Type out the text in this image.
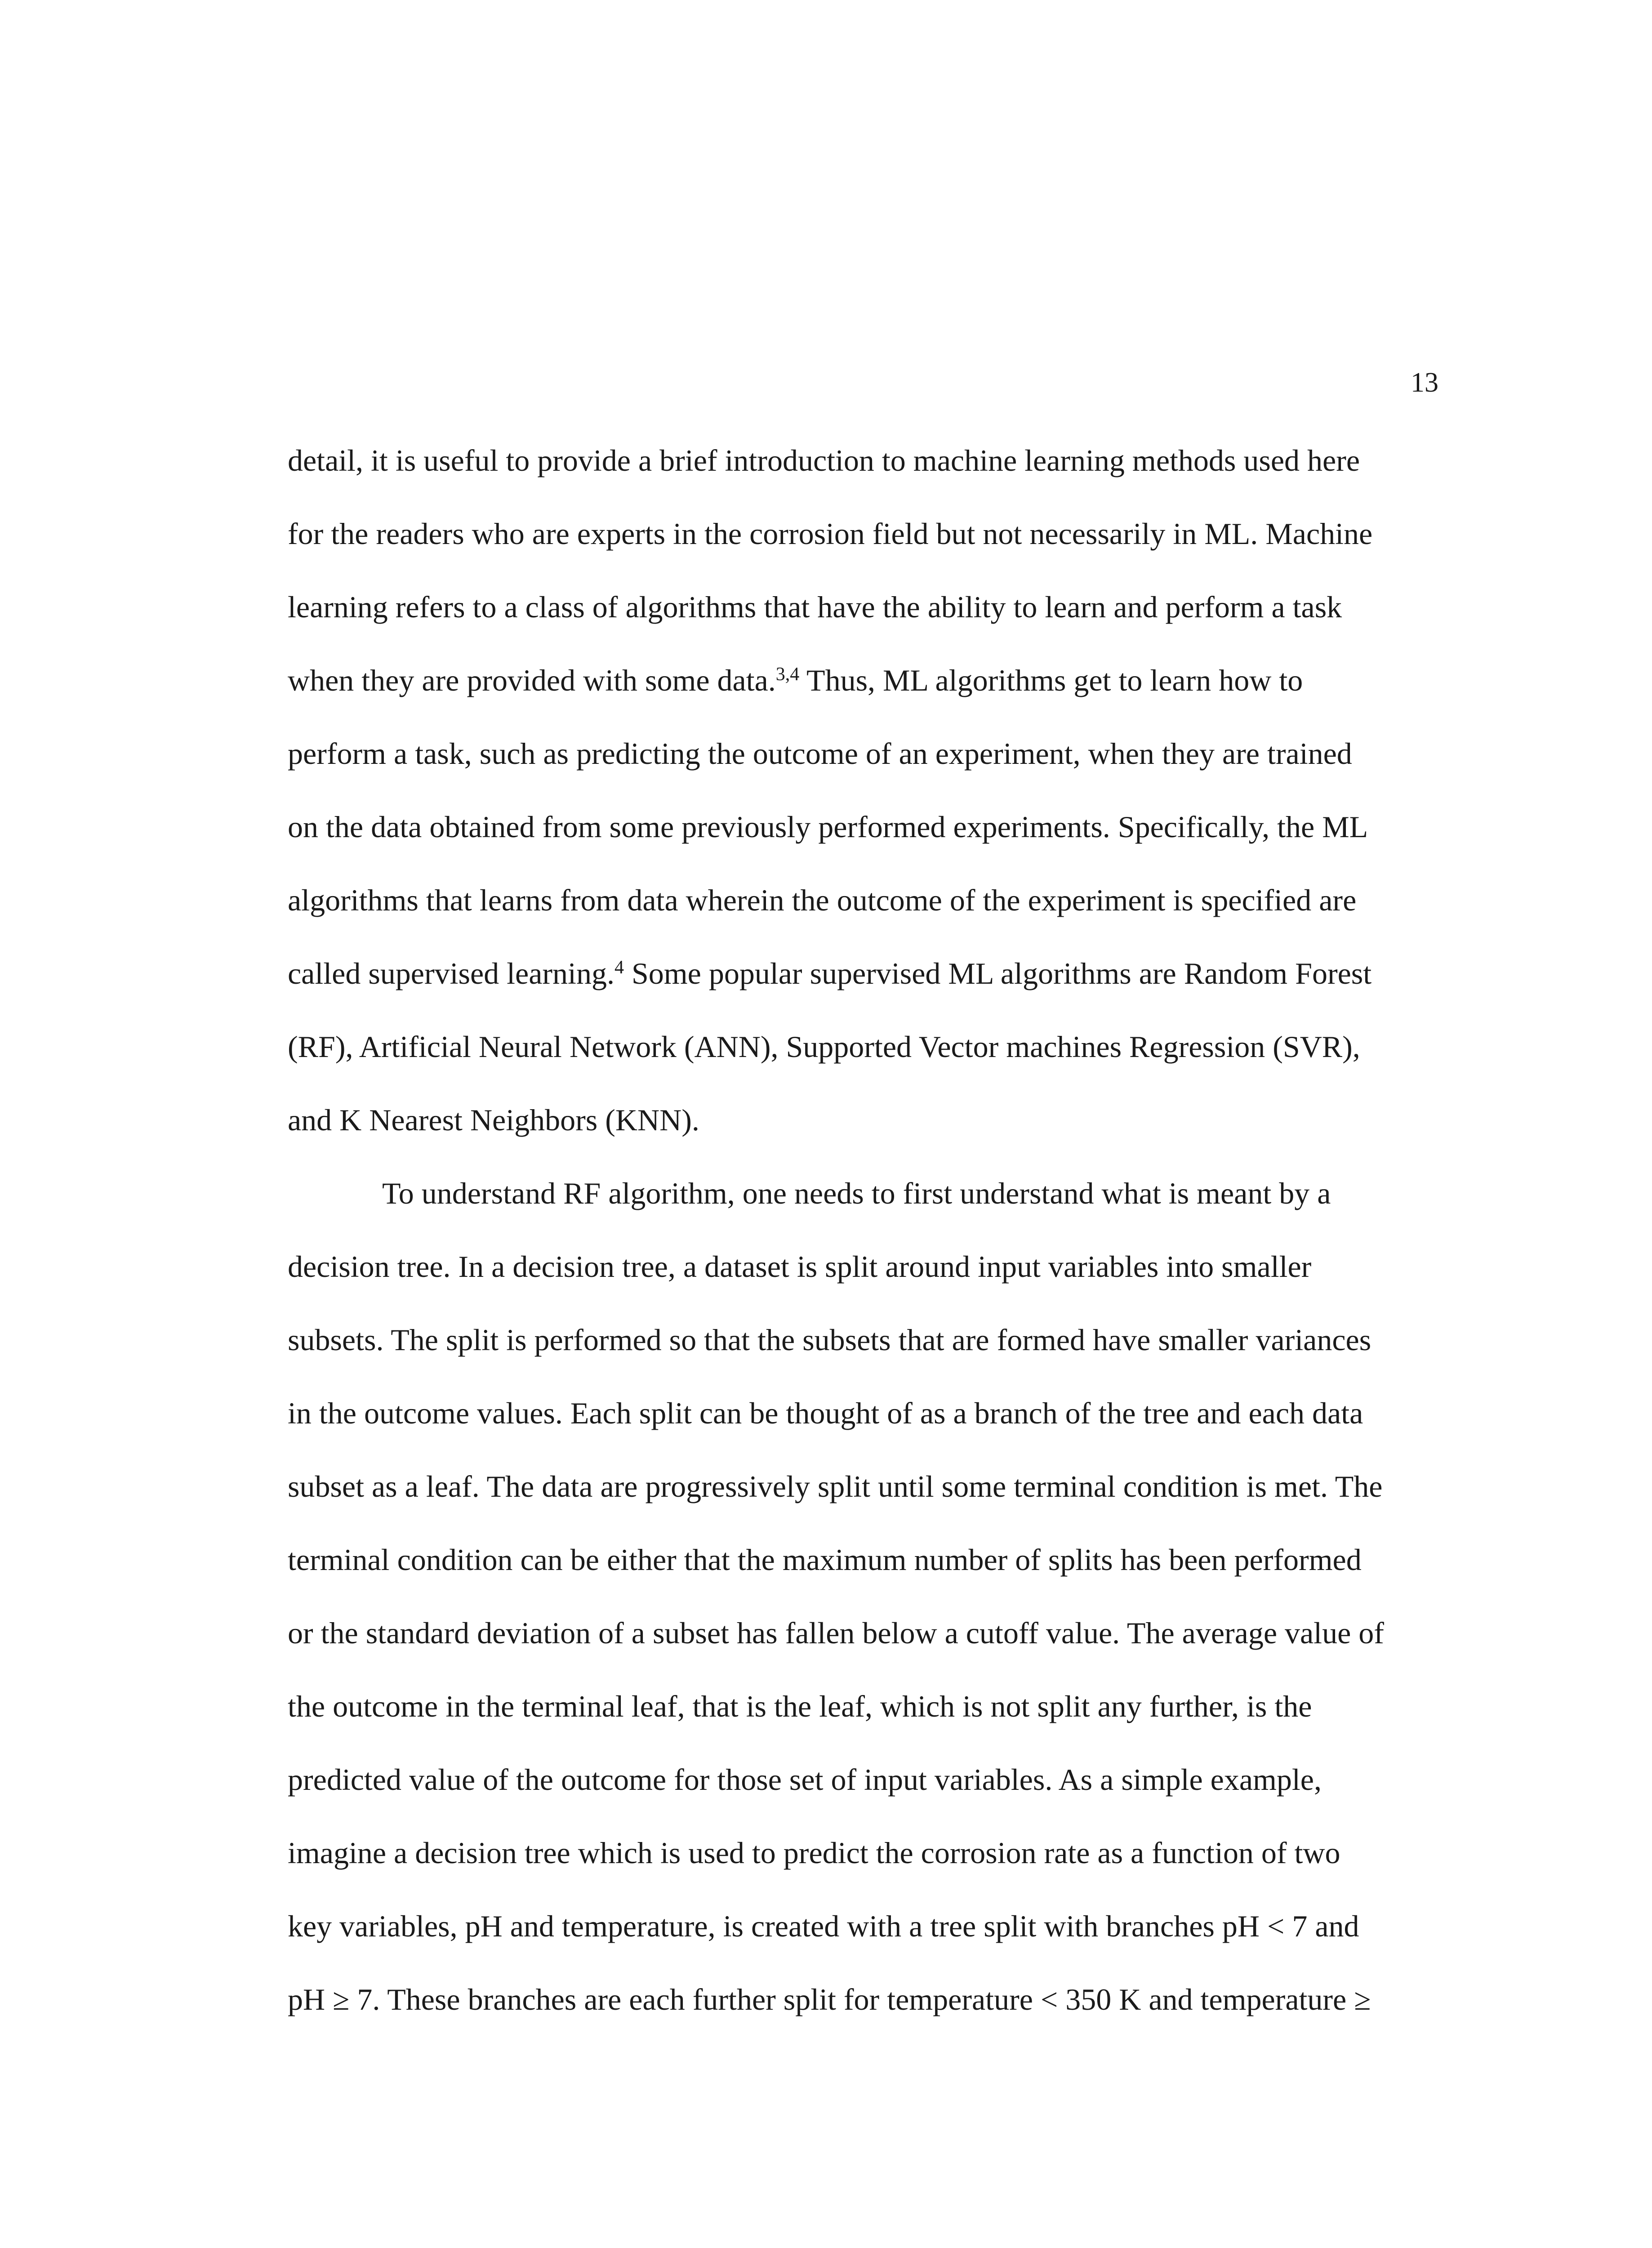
13
detail, it is useful to provide a brief introduction to machine learning methods used here
for the readers who are experts in the corrosion field but not necessarily in ML. Machine
learning refers to a class of algorithms that have the ability to learn and perform a task
when they are provided with some data.$^{3,4}$ Thus, ML algorithms get to learn how to
perform a task, such as predicting the outcome of an experiment, when they are trained
on the data obtained from some previously performed experiments. Specifically, the ML
algorithms that learns from data wherein the outcome of the experiment is specified are
called supervised learning.$^4$ Some popular supervised ML algorithms are Random Forest
(RF), Artificial Neural Network (ANN), Supported Vector machines Regression (SVR),
and K Nearest Neighbors (KNN).
To understand RF algorithm, one needs to first understand what is meant by a
decision tree. In a decision tree, a dataset is split around input variables into smaller
subsets. The split is performed so that the subsets that are formed have smaller variances
in the outcome values. Each split can be thought of as a branch of the tree and each data
subset as a leaf. The data are progressively split until some terminal condition is met. The
terminal condition can be either that the maximum number of splits has been performed
or the standard deviation of a subset has fallen below a cutoff value. The average value of
the outcome in the terminal leaf, that is the leaf, which is not split any further, is the
predicted value of the outcome for those set of input variables. As a simple example,
imagine a decision tree which is used to predict the corrosion rate as a function of two
key variables, pH and temperature, is created with a tree split with branches pH < 7 and
pH ≥ 7. These branches are each further split for temperature < 350 K and temperature ≥
